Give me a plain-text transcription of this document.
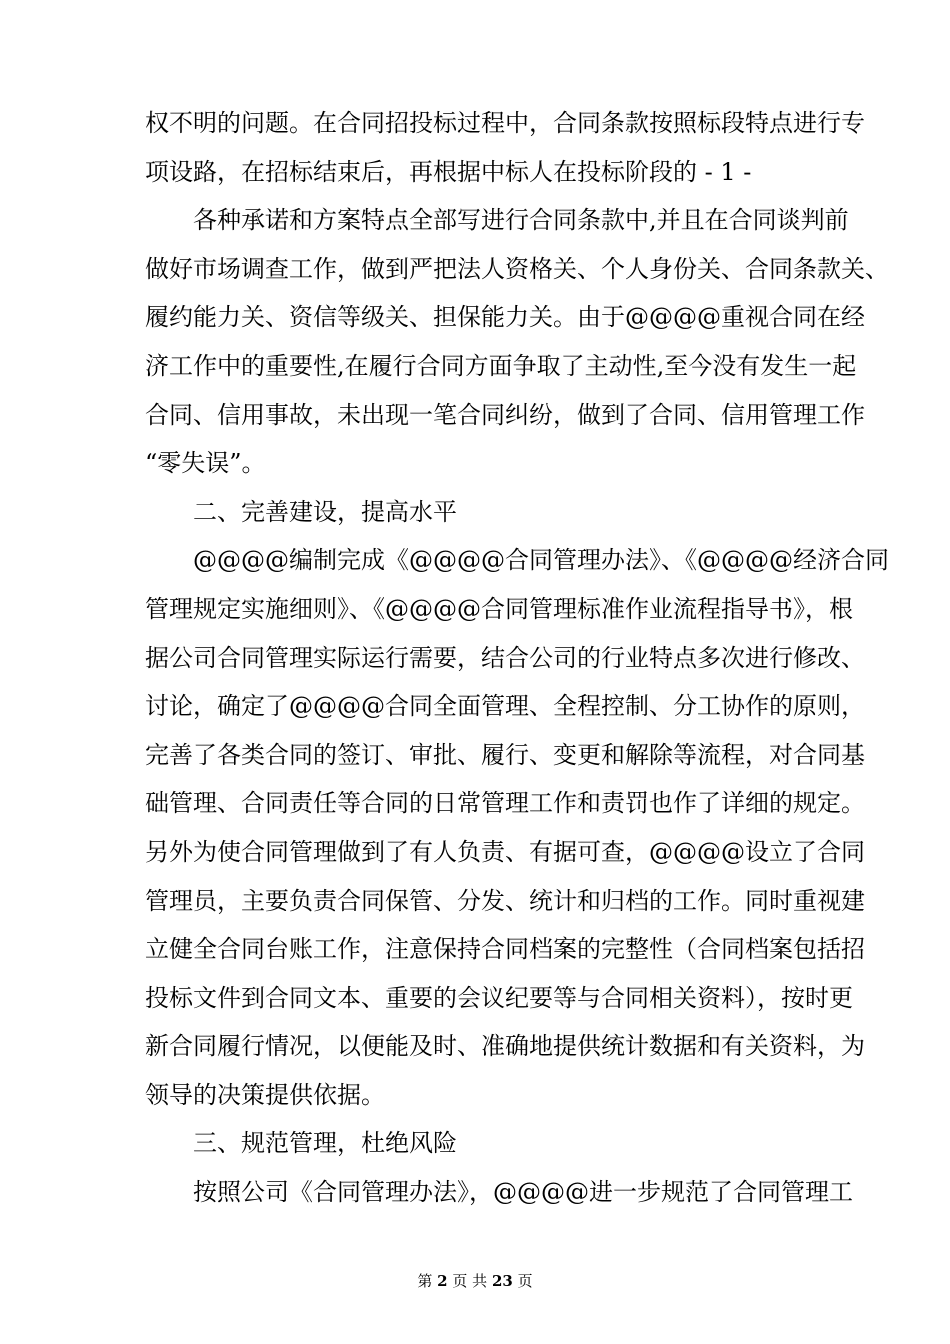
权不明的问题。在合同招投标过程中，合同条款按照标段特点进行专

项设路，在招标结束后，再根据中标人在投标阶段的 - 1 -

各种承诺和方案特点全部写进行合同条款中,并且在合同谈判前

做好市场调查工作，做到严把法人资格关、个人身份关、合同条款关、

履约能力关、资信等级关、担保能力关。由于@@@@重视合同在经

济工作中的重要性,在履行合同方面争取了主动性,至今没有发生一起

合同、信用事故，未出现一笔合同纠纷，做到了合同、信用管理工作

“零失误”。

二、完善建设，提高水平

@@@@编制完成《@@@@合同管理办法》、《@@@@经济合同

管理规定实施细则》、《@@@@合同管理标准作业流程指导书》，根

据公司合同管理实际运行需要，结合公司的行业特点多次进行修改、

讨论，确定了@@@@合同全面管理、全程控制、分工协作的原则，

完善了各类合同的签订、审批、履行、变更和解除等流程，对合同基

础管理、合同责任等合同的日常管理工作和责罚也作了详细的规定。

另外为使合同管理做到了有人负责、有据可查，@@@@设立了合同

管理员，主要负责合同保管、分发、统计和归档的工作。同时重视建

立健全合同台账工作，注意保持合同档案的完整性（合同档案包括招

投标文件到合同文本、重要的会议纪要等与合同相关资料），按时更

新合同履行情况，以便能及时、准确地提供统计数据和有关资料，为

领导的决策提供依据。

三、规范管理，杜绝风险

按照公司《合同管理办法》，@@@@进一步规范了合同管理工

第 2 页 共 23 页
